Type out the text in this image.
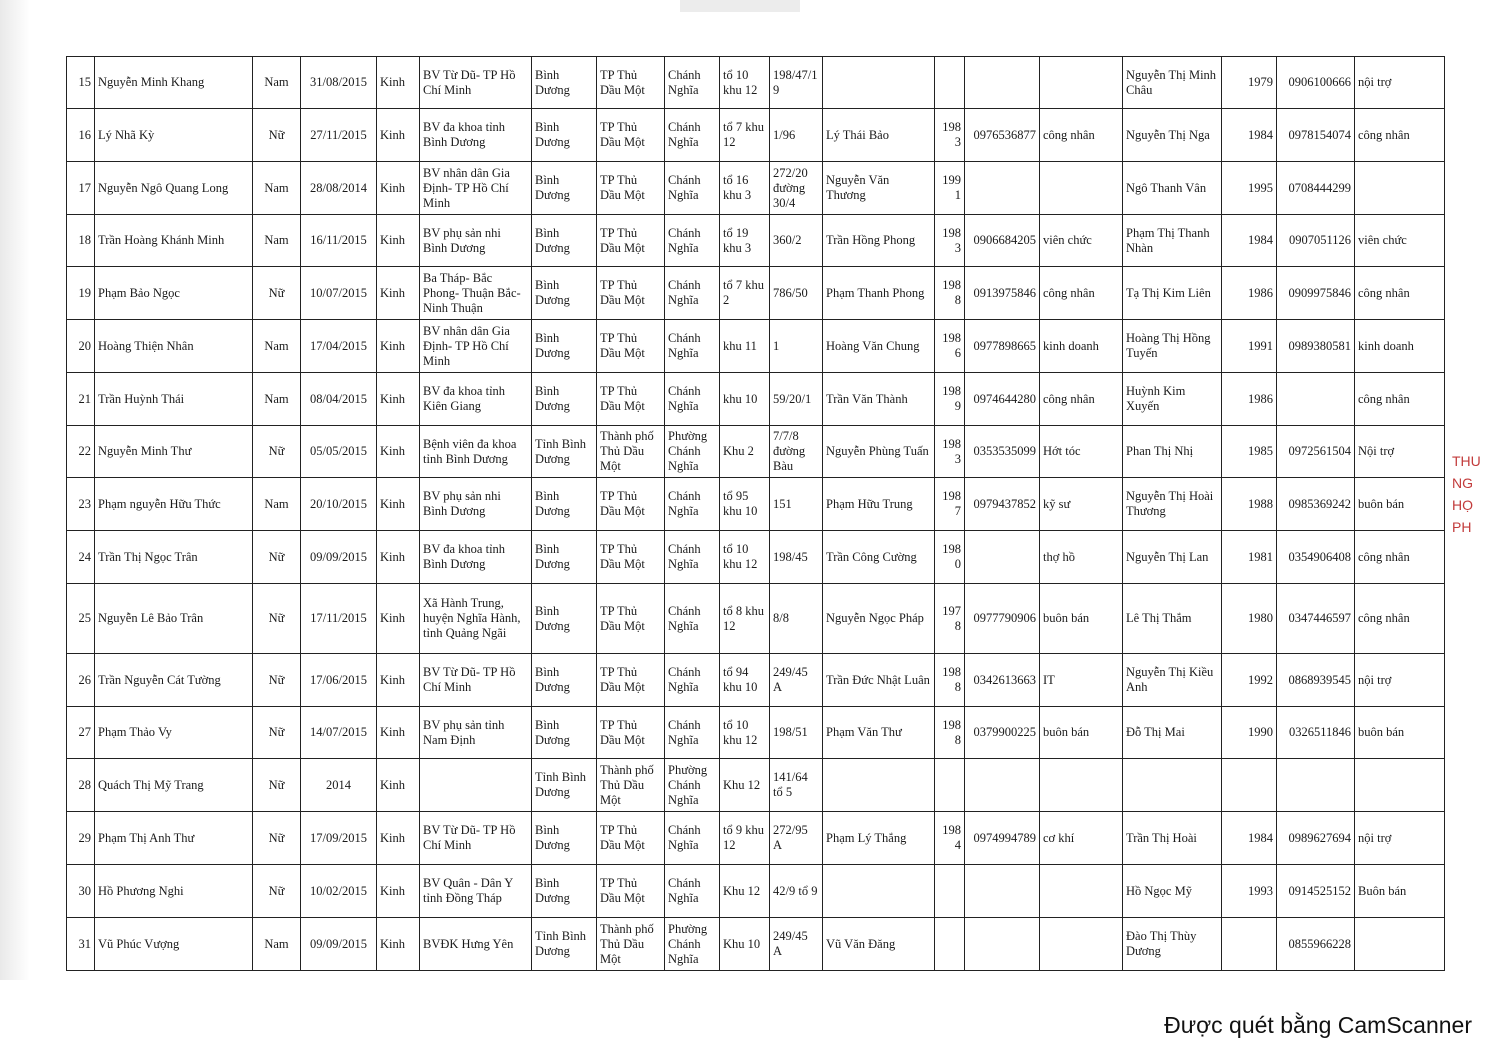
15	Nguyễn Minh Khang	Nam	31/08/2015	Kinh	BV Từ Dũ- TP Hồ Chí Minh	Bình Dương	TP Thủ Dầu Một	Chánh Nghĩa	tổ 10 khu 12	198/47/19					Nguyễn Thị Minh Châu	1979	0906100666	nội trợ
16	Lý Nhã Kỳ	Nữ	27/11/2015	Kinh	BV đa khoa tỉnh Bình Dương	Bình Dương	TP Thủ Dầu Một	Chánh Nghĩa	tổ 7 khu 12	1/96	Lý Thái Bảo	1983	0976536877	công nhân	Nguyễn Thị Nga	1984	0978154074	công nhân
17	Nguyễn Ngô Quang Long	Nam	28/08/2014	Kinh	BV nhân dân Gia Định- TP Hồ Chí Minh	Bình Dương	TP Thủ Dầu Một	Chánh Nghĩa	tổ 16 khu 3	272/20 đường 30/4	Nguyễn Văn Thương	1991			Ngô Thanh Vân	1995	0708444299	
18	Trần Hoàng Khánh Minh	Nam	16/11/2015	Kinh	BV phụ sản nhi Bình Dương	Bình Dương	TP Thủ Dầu Một	Chánh Nghĩa	tổ 19 khu 3	360/2	Trần Hồng Phong	1983	0906684205	viên chức	Phạm Thị Thanh Nhàn	1984	0907051126	viên chức
19	Phạm Bảo Ngọc	Nữ	10/07/2015	Kinh	Ba Tháp- Bắc Phong- Thuận Bắc- Ninh Thuận	Bình Dương	TP Thủ Dầu Một	Chánh Nghĩa	tổ 7 khu 2	786/50	Phạm Thanh Phong	1988	0913975846	công nhân	Tạ Thị Kim Liên	1986	0909975846	công nhân
20	Hoàng Thiện Nhân	Nam	17/04/2015	Kinh	BV nhân dân Gia Định- TP Hồ Chí Minh	Bình Dương	TP Thủ Dầu Một	Chánh Nghĩa	khu 11	1	Hoàng Văn Chung	1986	0977898665	kinh doanh	Hoàng Thị Hồng Tuyến	1991	0989380581	kinh doanh
21	Trần Huỳnh Thái	Nam	08/04/2015	Kinh	BV đa khoa tỉnh Kiên Giang	Bình Dương	TP Thủ Dầu Một	Chánh Nghĩa	khu 10	59/20/1	Trần Văn Thành	1989	0974644280	công nhân	Huỳnh Kim Xuyến	1986		công nhân
22	Nguyễn Minh Thư	Nữ	05/05/2015	Kinh	Bệnh viên đa khoa tỉnh Bình Dương	Tỉnh Bình Dương	Thành phố Thủ Dầu Một	Phường Chánh Nghĩa	Khu 2	7/7/8 đường Bàu	Nguyễn Phùng Tuấn	1983	0353535099	Hớt tóc	Phan Thị Nhị	1985	0972561504	Nội trợ
23	Phạm nguyễn Hữu Thức	Nam	20/10/2015	Kinh	BV phụ sản nhi Bình Dương	Bình Dương	TP Thủ Dầu Một	Chánh Nghĩa	tổ 95 khu 10	151	Phạm Hữu Trung	1987	0979437852	kỹ sư	Nguyễn Thị Hoài Thương	1988	0985369242	buôn bán
24	Trần Thị Ngọc Trân	Nữ	09/09/2015	Kinh	BV đa khoa tỉnh Bình Dương	Bình Dương	TP Thủ Dầu Một	Chánh Nghĩa	tổ 10 khu 12	198/45	Trần Công Cường	1980		thợ hồ	Nguyễn Thị Lan	1981	0354906408	công nhân
25	Nguyễn Lê Bảo Trân	Nữ	17/11/2015	Kinh	Xã Hành Trung, huyện Nghĩa Hành, tỉnh Quảng Ngãi	Bình Dương	TP Thủ Dầu Một	Chánh Nghĩa	tổ 8 khu 12	8/8	Nguyễn Ngọc Pháp	1978	0977790906	buôn bán	Lê Thị Thắm	1980	0347446597	công nhân
26	Trần Nguyễn Cát Tường	Nữ	17/06/2015	Kinh	BV Từ Dũ- TP Hồ Chí Minh	Bình Dương	TP Thủ Dầu Một	Chánh Nghĩa	tổ 94 khu 10	249/45 A	Trần Đức Nhật Luân	1988	0342613663	IT	Nguyễn Thị Kiều Anh	1992	0868939545	nội trợ
27	Phạm Thảo Vy	Nữ	14/07/2015	Kinh	BV phụ sản tỉnh Nam Định	Bình Dương	TP Thủ Dầu Một	Chánh Nghĩa	tổ 10 khu 12	198/51	Phạm Văn Thư	1988	0379900225	buôn bán	Đỗ Thị Mai	1990	0326511846	buôn bán
28	Quách Thị Mỹ Trang	Nữ	2014	Kinh		Tỉnh Bình Dương	Thành phố Thủ Dầu Một	Phường Chánh Nghĩa	Khu 12	141/64 tổ 5								
29	Phạm Thị Anh Thư	Nữ	17/09/2015	Kinh	BV Từ Dũ- TP Hồ Chí Minh	Bình Dương	TP Thủ Dầu Một	Chánh Nghĩa	tổ 9 khu 12	272/95 A	Phạm Lý Thắng	1984	0974994789	cơ khí	Trần Thị Hoài	1984	0989627694	nội trợ
30	Hồ Phương Nghi	Nữ	10/02/2015	Kinh	BV Quân - Dân Y tỉnh Đồng Tháp	Bình Dương	TP Thủ Dầu Một	Chánh Nghĩa	Khu 12	42/9 tổ 9					Hồ Ngọc Mỹ	1993	0914525152	Buôn bán
31	Vũ Phúc Vượng	Nam	09/09/2015	Kinh	BVĐK Hưng Yên	Tỉnh Bình Dương	Thành phố Thủ Dầu Một	Phường Chánh Nghĩa	Khu 10	249/45 A	Vũ Văn Đăng				Đào Thị Thùy Dương		0855966228	
THU
NG
HỌ
PH
Được quét bằng CamScanner
